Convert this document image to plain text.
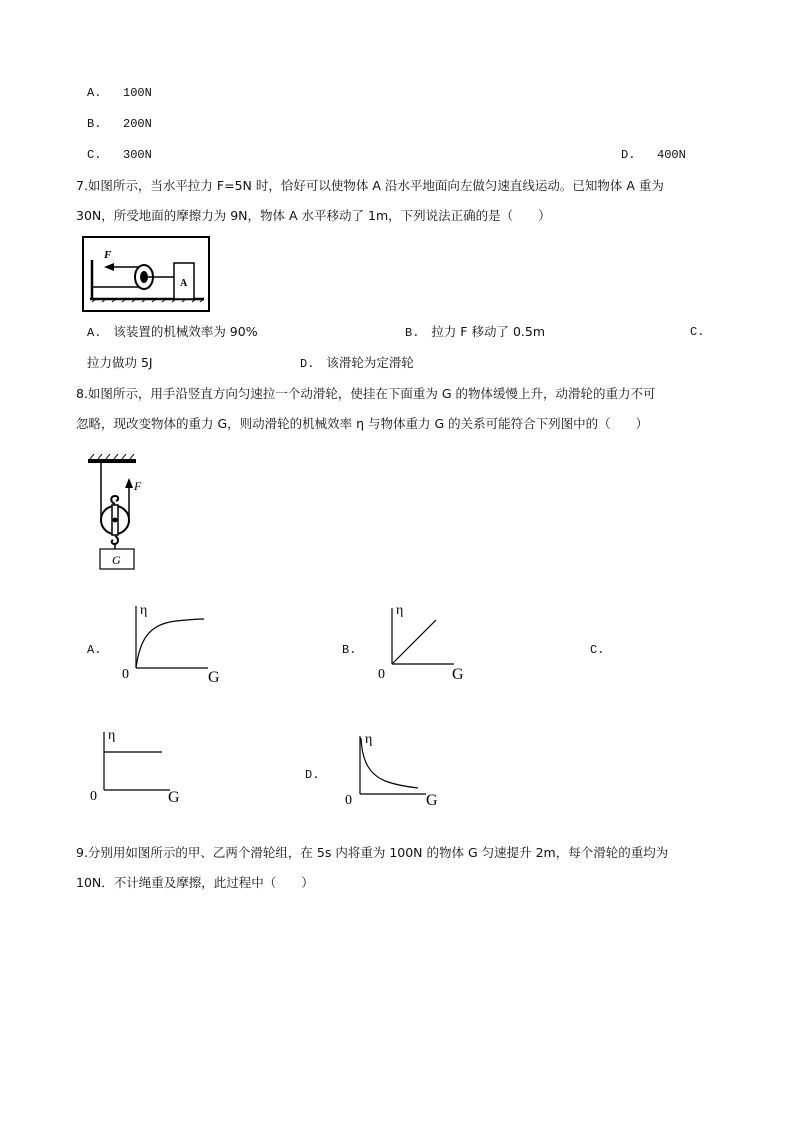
A. 100N
B. 200N
C. 300N	D. 400N
7.如图所示，当水平拉力 F=5N 时，恰好可以使物体 A 沿水平地面向左做匀速直线运动。已知物体 A 重为
30N，所受地面的摩擦力为 9N，物体 A 水平移动了 1m，下列说法正确的是（　　）
F
A
A. 该装置的机械效率为 90%	B. 拉力 F 移动了 0.5m	C.
拉力做功 5J	D. 该滑轮为定滑轮
8.如图所示，用手沿竖直方向匀速拉一个动滑轮，使挂在下面重为 G 的物体缓慢上升，动滑轮的重力不可
忽略，现改变物体的重力 G，则动滑轮的机械效率 η 与物体重力 G 的关系可能符合下列图中的（　　）
F
G
A.
η
0	G
B.
η
0	G
C.
η
0	G
D.
η
0	G
9.分别用如图所示的甲、乙两个滑轮组，在 5s 内将重为 100N 的物体 G 匀速提升 2m，每个滑轮的重均为
10N．不计绳重及摩擦，此过程中（　　）
